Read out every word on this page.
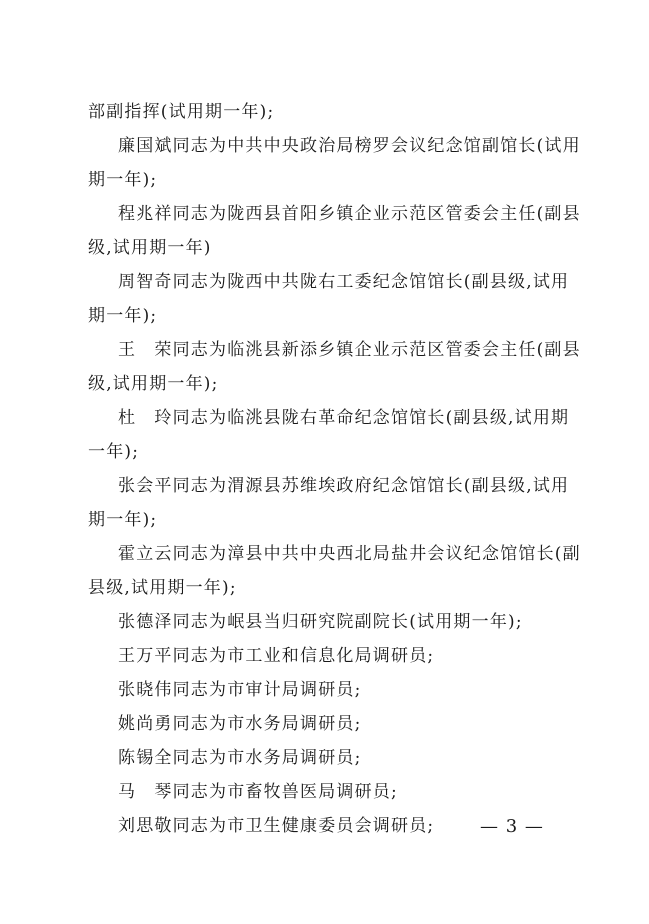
部副指挥(试用期一年);
廉国斌同志为中共中央政治局榜罗会议纪念馆副馆长(试用
期一年);
程兆祥同志为陇西县首阳乡镇企业示范区管委会主任(副县
级,试用期一年)
周智奇同志为陇西中共陇右工委纪念馆馆长(副县级,试用
期一年);
王　荣同志为临洮县新添乡镇企业示范区管委会主任(副县
级,试用期一年);
杜　玲同志为临洮县陇右革命纪念馆馆长(副县级,试用期
一年);
张会平同志为渭源县苏维埃政府纪念馆馆长(副县级,试用
期一年);
霍立云同志为漳县中共中央西北局盐井会议纪念馆馆长(副
县级,试用期一年);
张德泽同志为岷县当归研究院副院长(试用期一年);
王万平同志为市工业和信息化局调研员;
张晓伟同志为市审计局调研员;
姚尚勇同志为市水务局调研员;
陈锡全同志为市水务局调研员;
马　琴同志为市畜牧兽医局调研员;
刘思敬同志为市卫生健康委员会调研员;	— 3 —
